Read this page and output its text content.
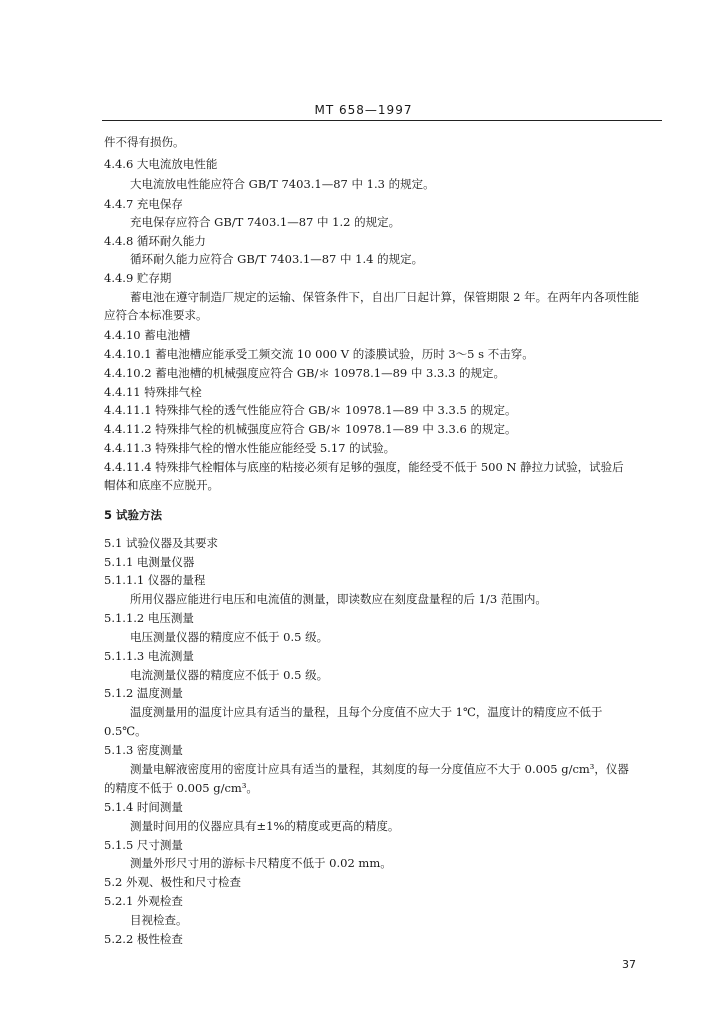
MT 658—1997
件不得有损伤。
4.4.6 大电流放电性能
大电流放电性能应符合 GB/T 7403.1—87 中 1.3 的规定。
4.4.7 充电保存
充电保存应符合 GB/T 7403.1—87 中 1.2 的规定。
4.4.8 循环耐久能力
循环耐久能力应符合 GB/T 7403.1—87 中 1.4 的规定。
4.4.9 贮存期
蓄电池在遵守制造厂规定的运输、保管条件下，自出厂日起计算，保管期限 2 年。在两年内各项性能
应符合本标准要求。
4.4.10 蓄电池槽
4.4.10.1 蓄电池槽应能承受工频交流 10 000 V 的漆膜试验，历时 3～5 s 不击穿。
4.4.10.2 蓄电池槽的机械强度应符合 GB/＊ 10978.1—89 中 3.3.3 的规定。
4.4.11 特殊排气栓
4.4.11.1 特殊排气栓的透气性能应符合 GB/＊ 10978.1—89 中 3.3.5 的规定。
4.4.11.2 特殊排气栓的机械强度应符合 GB/＊ 10978.1—89 中 3.3.6 的规定。
4.4.11.3 特殊排气栓的憎水性能应能经受 5.17 的试验。
4.4.11.4 特殊排气栓帽体与底座的粘接必须有足够的强度，能经受不低于 500 N 静拉力试验，试验后
帽体和底座不应脱开。
5 试验方法
5.1 试验仪器及其要求
5.1.1 电测量仪器
5.1.1.1 仪器的量程
所用仪器应能进行电压和电流值的测量，即读数应在刻度盘量程的后 1/3 范围内。
5.1.1.2 电压测量
电压测量仪器的精度应不低于 0.5 级。
5.1.1.3 电流测量
电流测量仪器的精度应不低于 0.5 级。
5.1.2 温度测量
温度测量用的温度计应具有适当的量程，且每个分度值不应大于 1℃，温度计的精度应不低于
0.5℃。
5.1.3 密度测量
测量电解液密度用的密度计应具有适当的量程，其刻度的每一分度值应不大于 0.005 g/cm³，仪器
的精度不低于 0.005 g/cm³。
5.1.4 时间测量
测量时间用的仪器应具有±1%的精度或更高的精度。
5.1.5 尺寸测量
测量外形尺寸用的游标卡尺精度不低于 0.02 mm。
5.2 外观、极性和尺寸检查
5.2.1 外观检查
目视检查。
5.2.2 极性检查
37
